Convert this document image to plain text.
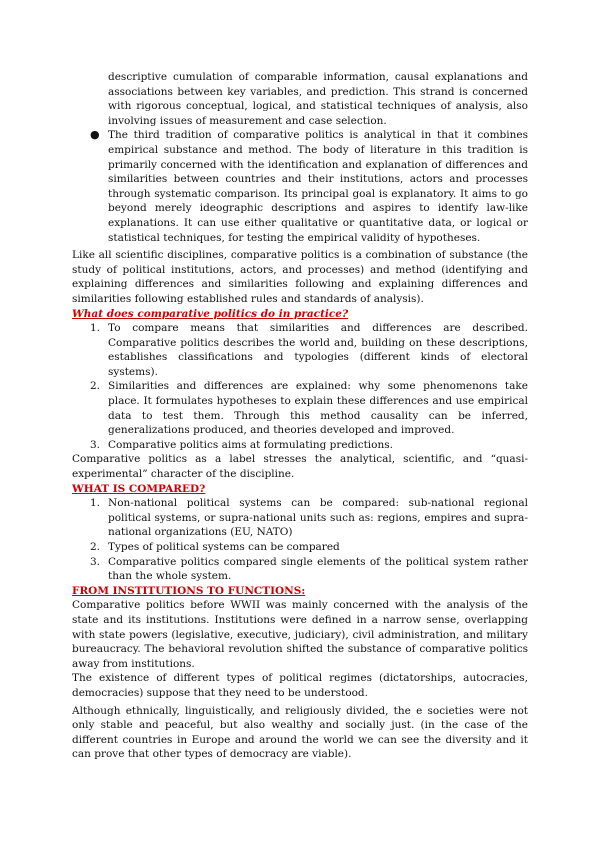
descriptive cumulation of comparable information, causal explanations and associations between key variables, and prediction. This strand is concerned with rigorous conceptual, logical, and statistical techniques of analysis, also involving issues of measurement and case selection.

● The third tradition of comparative politics is analytical in that it combines empirical substance and method. The body of literature in this tradition is primarily concerned with the identification and explanation of differences and similarities between countries and their institutions, actors and processes through systematic comparison. Its principal goal is explanatory. It aims to go beyond merely ideographic descriptions and aspires to identify law-like explanations. It can use either qualitative or quantitative data, or logical or statistical techniques, for testing the empirical validity of hypotheses.

Like all scientific disciplines, comparative politics is a combination of substance (the study of political institutions, actors, and processes) and method (identifying and explaining differences and similarities following and explaining differences and similarities following established rules and standards of analysis).

What does comparative politics do in practice?

1. To compare means that similarities and differences are described. Comparative politics describes the world and, building on these descriptions, establishes classifications and typologies (different kinds of electoral systems).
2. Similarities and differences are explained: why some phenomenons take place. It formulates hypotheses to explain these differences and use empirical data to test them. Through this method causality can be inferred, generalizations produced, and theories developed and improved.
3. Comparative politics aims at formulating predictions.

Comparative politics as a label stresses the analytical, scientific, and “quasi-experimental” character of the discipline.

WHAT IS COMPARED?

1. Non-national political systems can be compared: sub-national regional political systems, or supra-national units such as: regions, empires and supra-national organizations (EU, NATO)
2. Types of political systems can be compared
3. Comparative politics compared single elements of the political system rather than the whole system.

FROM INSTITUTIONS TO FUNCTIONS:

Comparative politics before WWII was mainly concerned with the analysis of the state and its institutions. Institutions were defined in a narrow sense, overlapping with state powers (legislative, executive, judiciary), civil administration, and military bureaucracy. The behavioral revolution shifted the substance of comparative politics away from institutions.

The existence of different types of political regimes (dictatorships, autocracies, democracies) suppose that they need to be understood.

Although ethnically, linguistically, and religiously divided, the e societies were not only stable and peaceful, but also wealthy and socially just. (in the case of the different countries in Europe and around the world we can see the diversity and it can prove that other types of democracy are viable).
